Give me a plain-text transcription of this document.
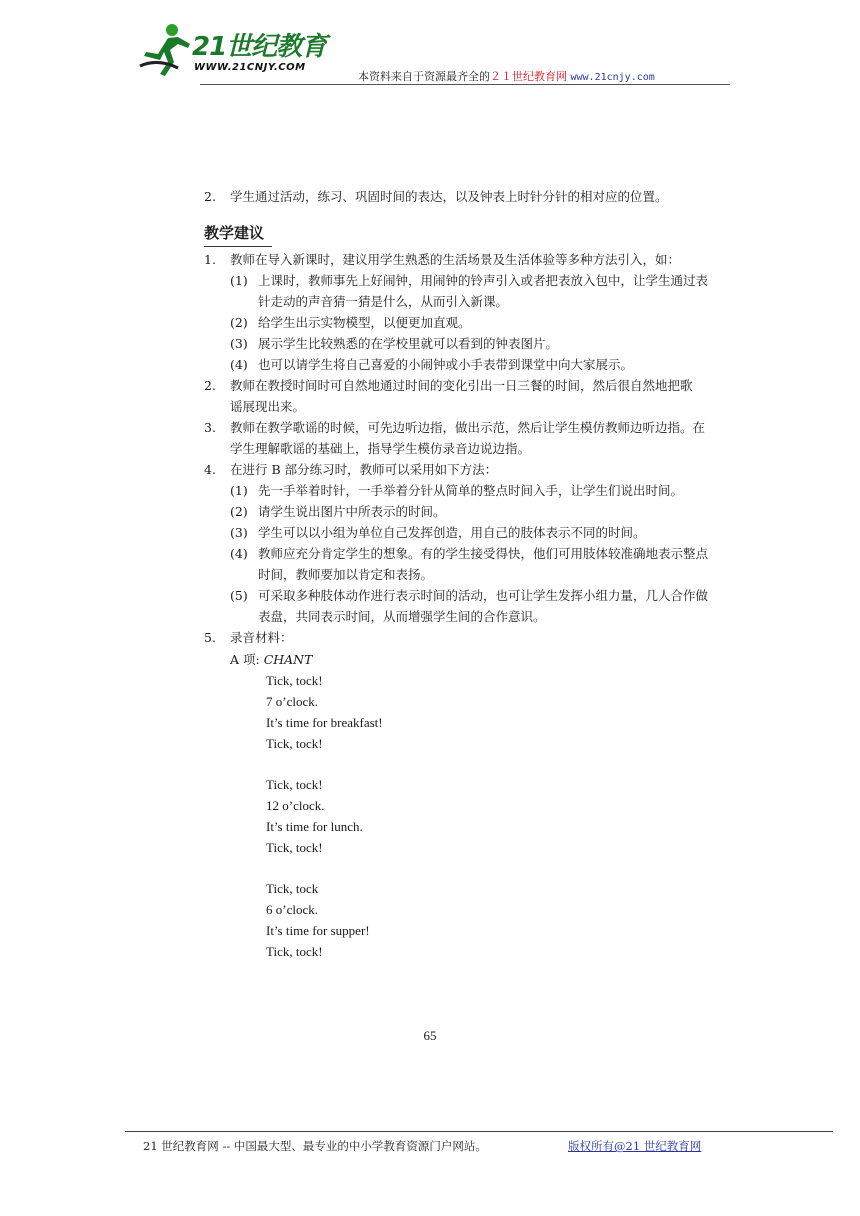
21世纪教育
WWW.21CNJY.COM
本资料来自于资源最齐全的２１世纪教育网 www.21cnjy.com
2.	学生通过活动，练习、巩固时间的表达，以及钟表上时针分针的相对应的位置。
教学建议
1.	教师在导入新课时，建议用学生熟悉的生活场景及生活体验等多种方法引入，如：
(1) 上课时，教师事先上好闹钟，用闹钟的铃声引入或者把表放入包中，让学生通过表
针走动的声音猜一猜是什么，从而引入新课。
(2) 给学生出示实物模型，以便更加直观。
(3) 展示学生比较熟悉的在学校里就可以看到的钟表图片。
(4) 也可以请学生将自己喜爱的小闹钟或小手表带到课堂中向大家展示。
2.	教师在教授时间时可自然地通过时间的变化引出一日三餐的时间，然后很自然地把歌
谣展现出来。
3.	教师在教学歌谣的时候，可先边听边指，做出示范，然后让学生模仿教师边听边指。在
学生理解歌谣的基础上，指导学生模仿录音边说边指。
4.	在进行 B 部分练习时，教师可以采用如下方法：
(1) 先一手举着时针，一手举着分针从简单的整点时间入手，让学生们说出时间。
(2) 请学生说出图片中所表示的时间。
(3) 学生可以以小组为单位自己发挥创造，用自己的肢体表示不同的时间。
(4) 教师应充分肯定学生的想象。有的学生接受得快，他们可用肢体较准确地表示整点
时间，教师要加以肯定和表扬。
(5) 可采取多种肢体动作进行表示时间的活动，也可让学生发挥小组力量，几人合作做
表盘，共同表示时间，从而增强学生间的合作意识。
5.	录音材料：
A 项: CHANT
Tick, tock!
7 o’clock.
It’s time for breakfast!
Tick, tock!
Tick, tock!
12 o’clock.
It’s time for lunch.
Tick, tock!
Tick, tock
6 o’clock.
It’s time for supper!
Tick, tock!
65
21 世纪教育网 -- 中国最大型、最专业的中小学教育资源门户网站。	版权所有@21 世纪教育网
